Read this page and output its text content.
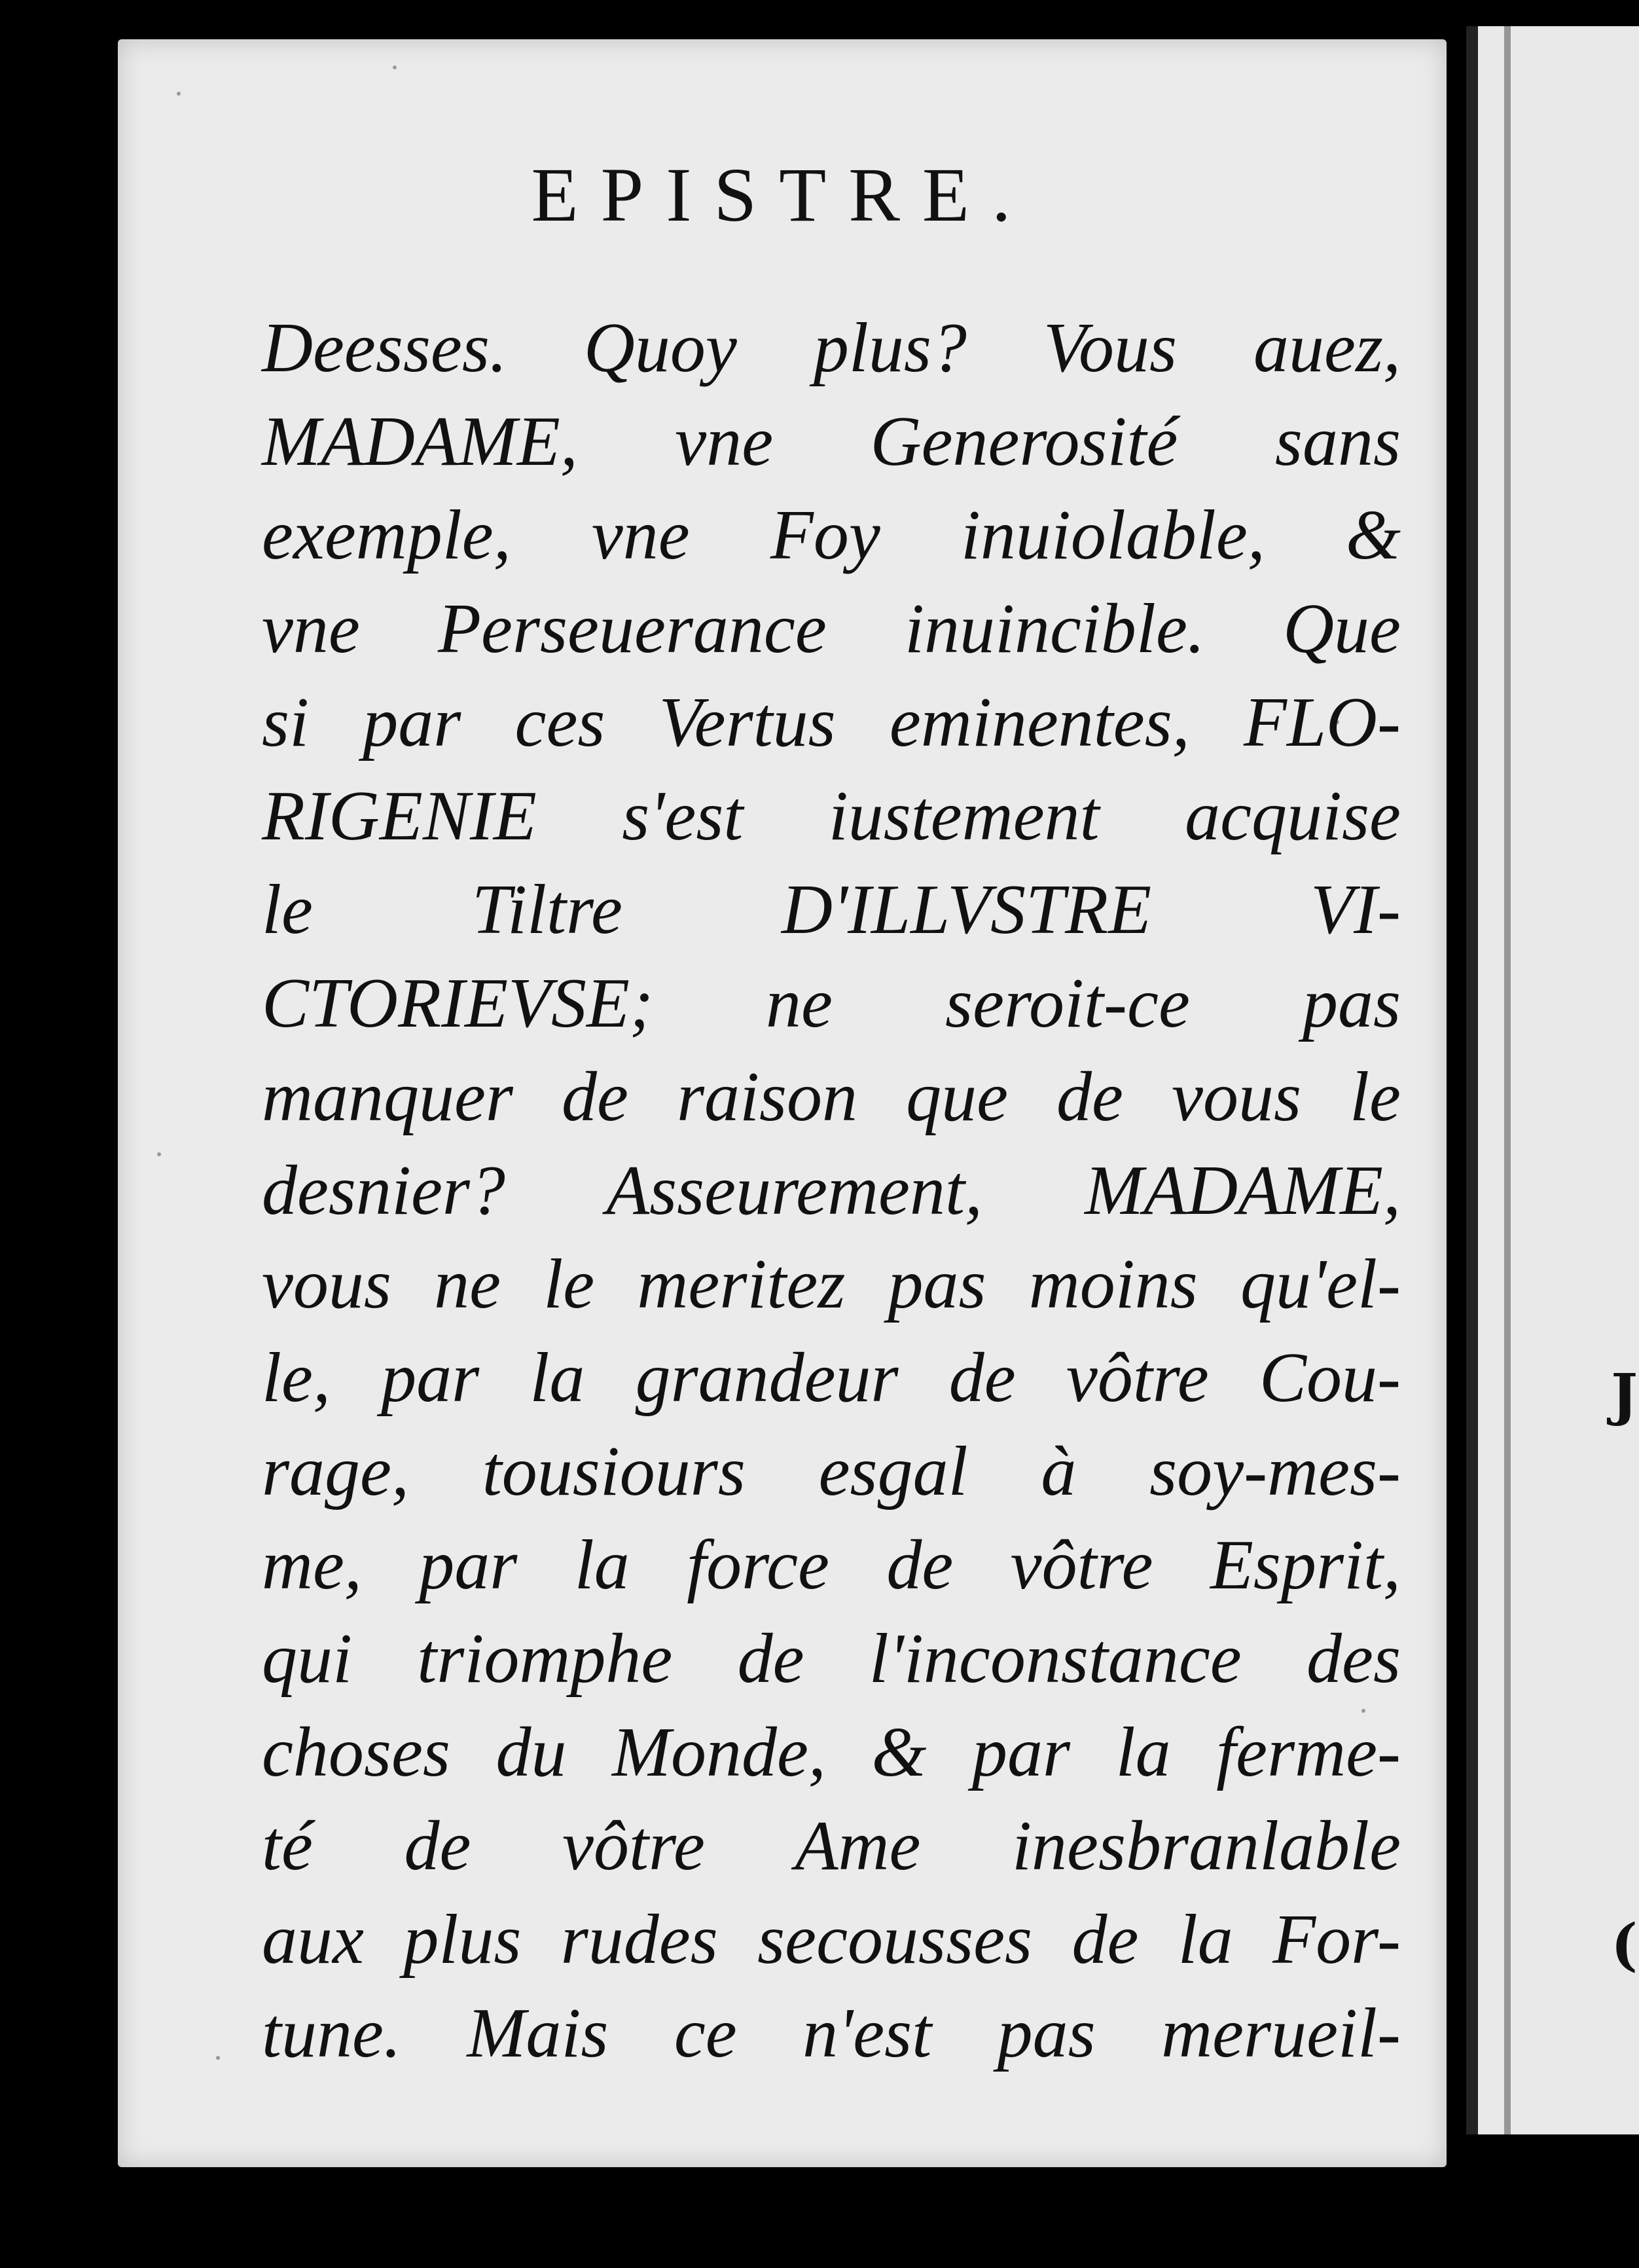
EPISTRE.
Deesses. Quoy plus? Vous auez,
MADAME, vne Generosité sans
exemple, vne Foy inuiolable, &
vne Perseuerance inuincible. Que
si par ces Vertus eminentes, FLO-
RIGENIE s'est iustement acquise
le Tiltre D'ILLVSTRE VI-
CTORIEVSE; ne seroit-ce pas
manquer de raison que de vous le
desnier? Asseurement, MADAME,
vous ne le meritez pas moins qu'el-
le, par la grandeur de vôtre Cou-
rage, tousiours esgal à soy-mes-
me, par la force de vôtre Esprit,
qui triomphe de l'inconstance des
choses du Monde, & par la ferme-
té de vôtre Ame inesbranlable
aux plus rudes secousses de la For-
tune. Mais ce n'est pas merueil-
J
(
